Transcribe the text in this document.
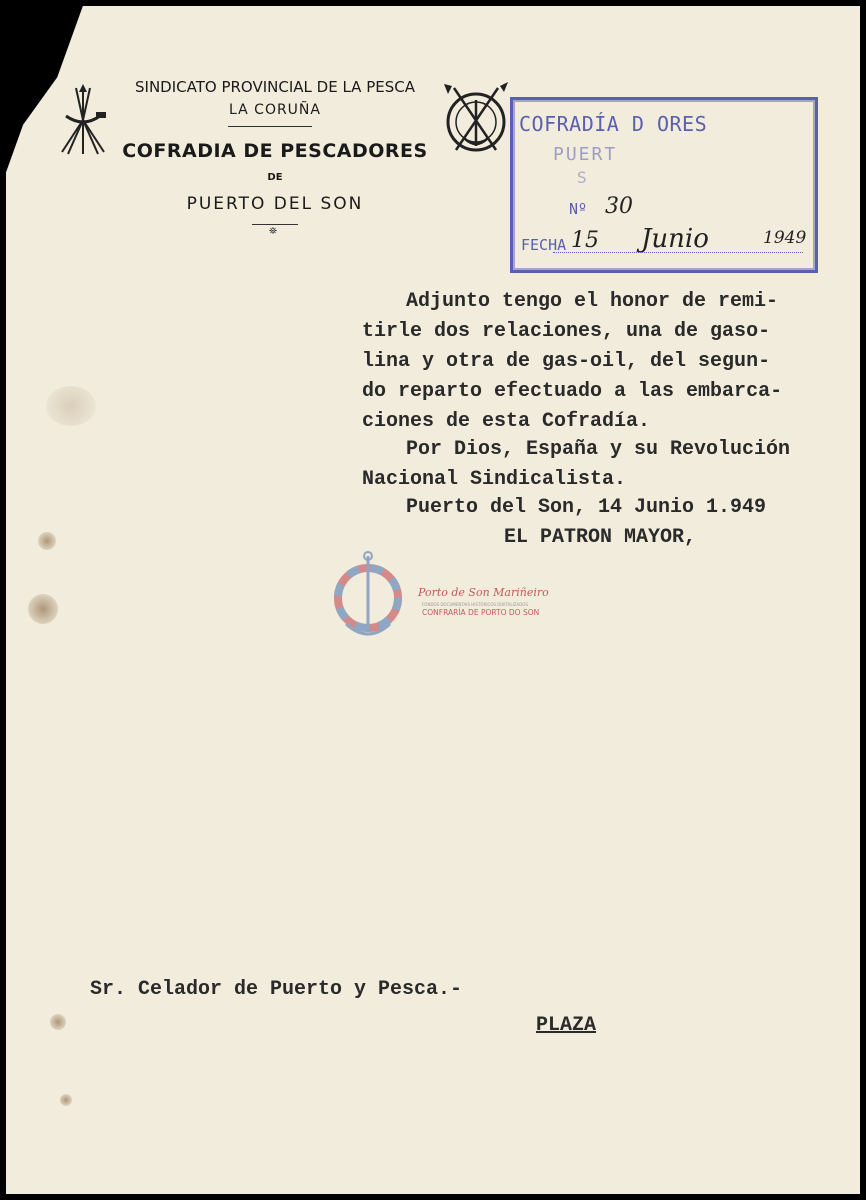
SINDICATO PROVINCIAL DE LA PESCA
LA CORUÑA
COFRADIA DE PESCADORES
DE
PUERTO DEL SON
⛯
COFRADÍA D ORES
PUERT
S
Nº 30
FECHA 15 Junio	1949
Adjunto tengo el honor de remi-
tirle dos relaciones, una de gaso-
lina y otra de gas-oil, del segun-
do reparto efectuado a las embarca-
ciones de esta Cofradía.
Por Dios, España y su Revolución
Nacional Sindicalista.
Puerto del Son, 14 Junio 1.949
EL PATRON MAYOR,
Porto de Son Mariñeiro
FONDOS DOCUMENTAIS HISTÓRICOS DIXITALIZADOS
CONFRARÍA DE PORTO DO SON
Sr. Celador de Puerto y Pesca.-
PLAZA
